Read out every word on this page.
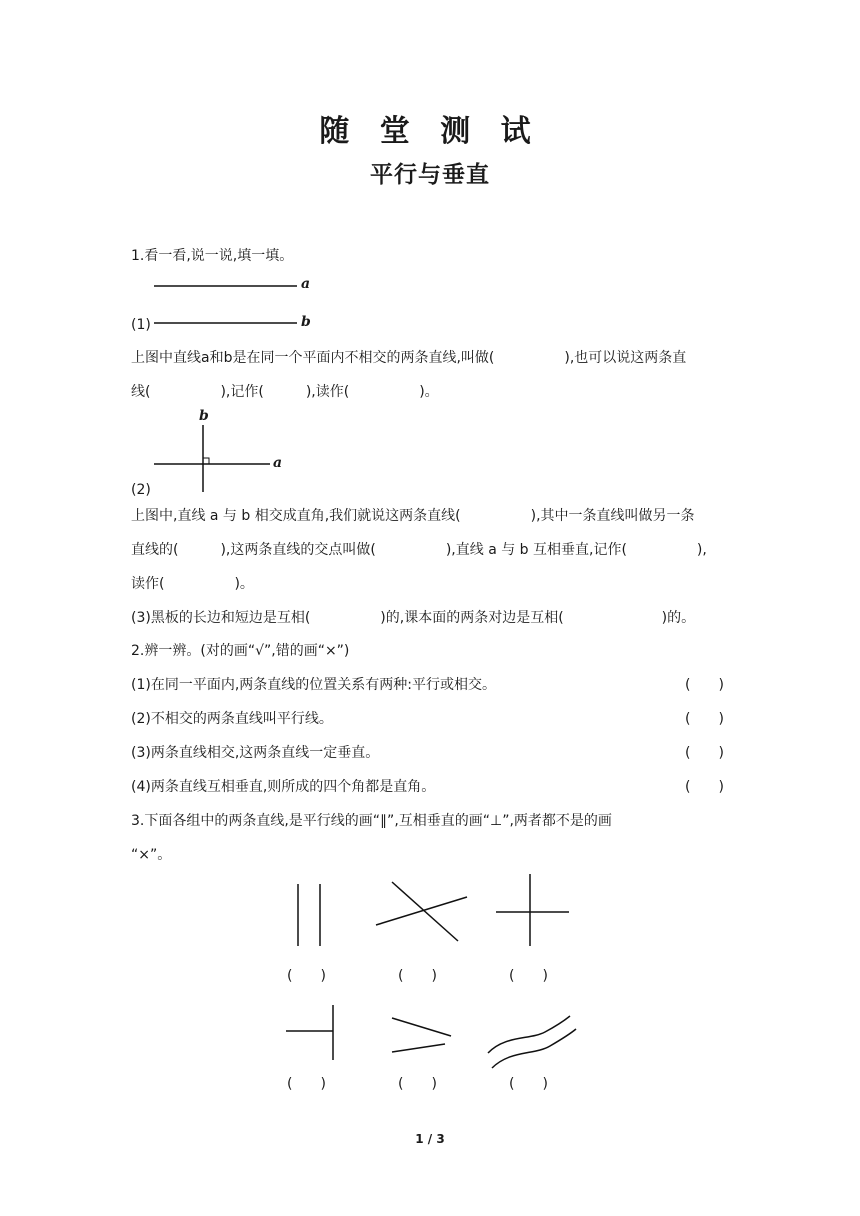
随 堂 测 试
平行与垂直
1.看一看,说一说,填一填。
a
b
(1)
上图中直线a和b是在同一个平面内不相交的两条直线,叫做(　　　　　),也可以说这两条直
线(　　　　　),记作(　　　),读作(　　　　　)。
b
a
(2)
上图中,直线 a 与 b 相交成直角,我们就说这两条直线(　　　　　),其中一条直线叫做另一条
直线的(　　　),这两条直线的交点叫做(　　　　　),直线 a 与 b 互相垂直,记作(　　　　　),
读作(　　　　　)。
(3)黑板的长边和短边是互相(　　　　　)的,课本面的两条对边是互相(　　　　　　　)的。
2.辨一辨。(对的画“√”,错的画“×”)
(1)在同一平面内,两条直线的位置关系有两种:平行或相交。	(　　)
(2)不相交的两条直线叫平行线。	(　　)
(3)两条直线相交,这两条直线一定垂直。	(　　)
(4)两条直线互相垂直,则所成的四个角都是直角。	(　　)
3.下面各组中的两条直线,是平行线的画“∥”,互相垂直的画“⊥”,两者都不是的画
“×”。
(　　)	(　　)	(　　)
(　　)	(　　)	(　　)
1 / 3
